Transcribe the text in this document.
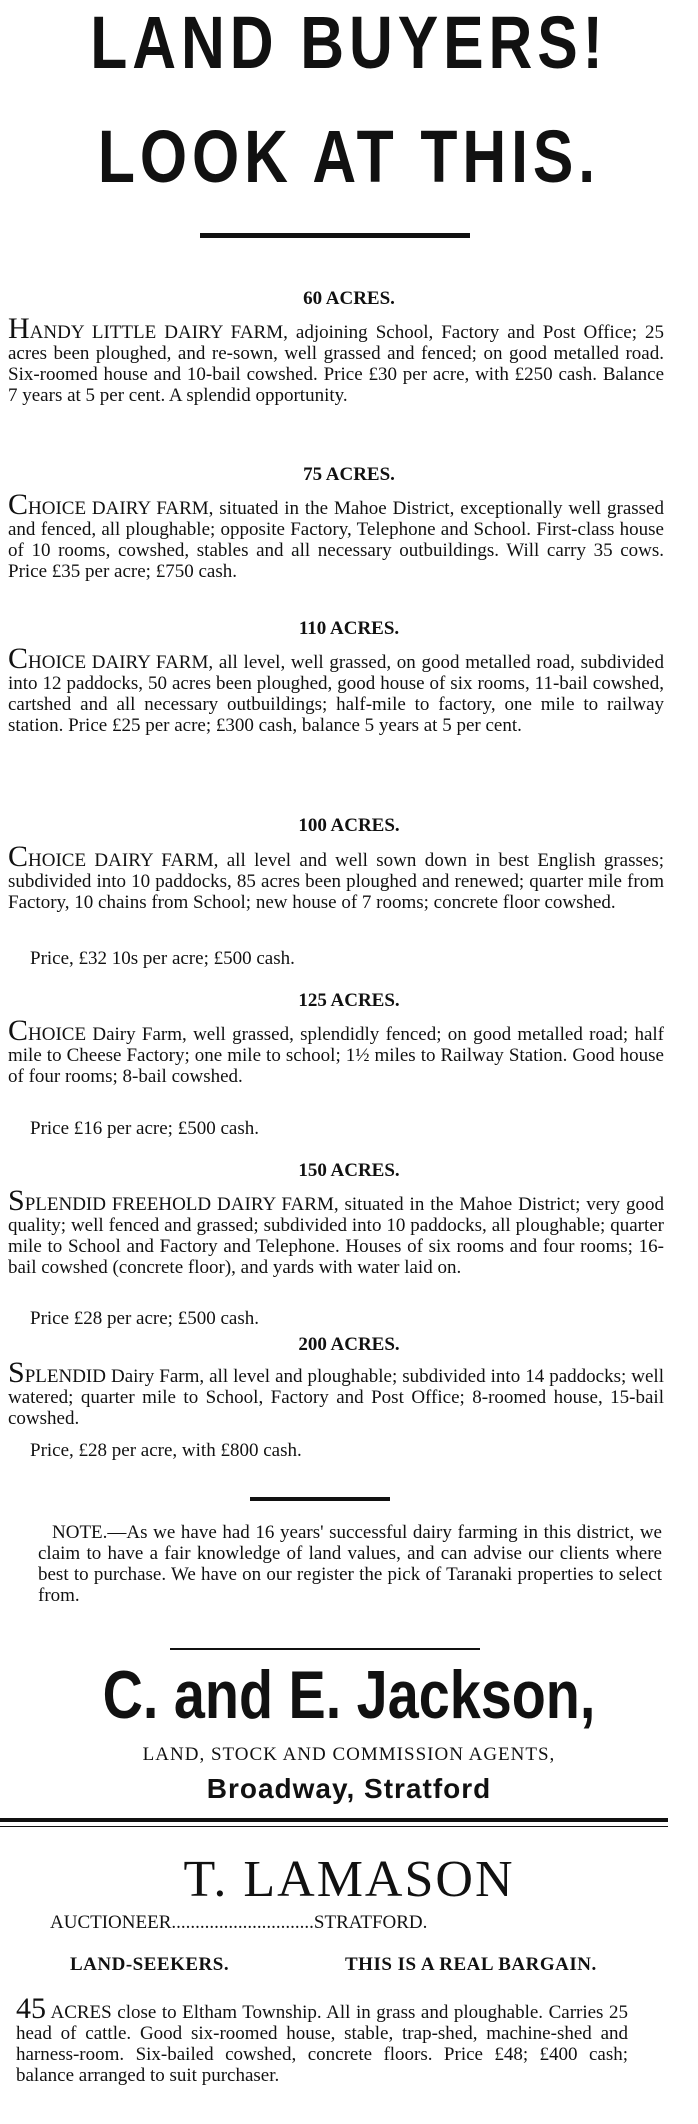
LAND BUYERS!
LOOK AT THIS.
60 ACRES.

HANDY LITTLE DAIRY FARM, adjoining School, Factory and Post Office; 25 acres been ploughed, and re-sown, well grassed and fenced; on good metalled road. Six-roomed house and 10-bail cowshed. Price £30 per acre, with £250 cash. Balance 7 years at 5 per cent. A splendid opportunity.

75 ACRES.

CHOICE DAIRY FARM, situated in the Mahoe District, exceptionally well grassed and fenced, all ploughable; opposite Factory, Telephone and School. First-class house of 10 rooms, cowshed, stables and all necessary outbuildings. Will carry 35 cows. Price £35 per acre; £750 cash.

110 ACRES.

CHOICE DAIRY FARM, all level, well grassed, on good metalled road, subdivided into 12 paddocks, 50 acres been ploughed, good house of six rooms, 11-bail cowshed, cartshed and all necessary outbuildings; half-mile to factory, one mile to railway station. Price £25 per acre; £300 cash, balance 5 years at 5 per cent.

100 ACRES.

CHOICE DAIRY FARM, all level and well sown down in best English grasses; subdivided into 10 paddocks, 85 acres been ploughed and renewed; quarter mile from Factory, 10 chains from School; new house of 7 rooms; concrete floor cowshed.

Price, £32 10s per acre; £500 cash.

125 ACRES.

CHOICE Dairy Farm, well grassed, splendidly fenced; on good metalled road; half mile to Cheese Factory; one mile to school; 1½ miles to Railway Station. Good house of four rooms; 8-bail cowshed.

Price £16 per acre; £500 cash.

150 ACRES.

SPLENDID FREEHOLD DAIRY FARM, situated in the Mahoe District; very good quality; well fenced and grassed; subdivided into 10 paddocks, all ploughable; quarter mile to School and Factory and Telephone. Houses of six rooms and four rooms; 16-bail cowshed (concrete floor), and yards with water laid on.

Price £28 per acre; £500 cash.

200 ACRES.

SPLENDID Dairy Farm, all level and ploughable; subdivided into 14 paddocks; well watered; quarter mile to School, Factory and Post Office; 8-roomed house, 15-bail cowshed.

Price, £28 per acre, with £800 cash.

NOTE.—As we have had 16 years' successful dairy farming in this district, we claim to have a fair knowledge of land values, and can advise our clients where best to purchase. We have on our register the pick of Taranaki properties to select from.

C. and E. Jackson,
LAND, STOCK AND COMMISSION AGENTS,
Broadway, Stratford
T. LAMASON

AUCTIONEER..............................STRATFORD.

LAND-SEEKERS.	THIS IS A REAL BARGAIN.

45 ACRES close to Eltham Township. All in grass and ploughable. Carries 25 head of cattle. Good six-roomed house, stable, trap-shed, machine-shed and harness-room. Six-bailed cowshed, concrete floors. Price £48; £400 cash; balance arranged to suit purchaser.
